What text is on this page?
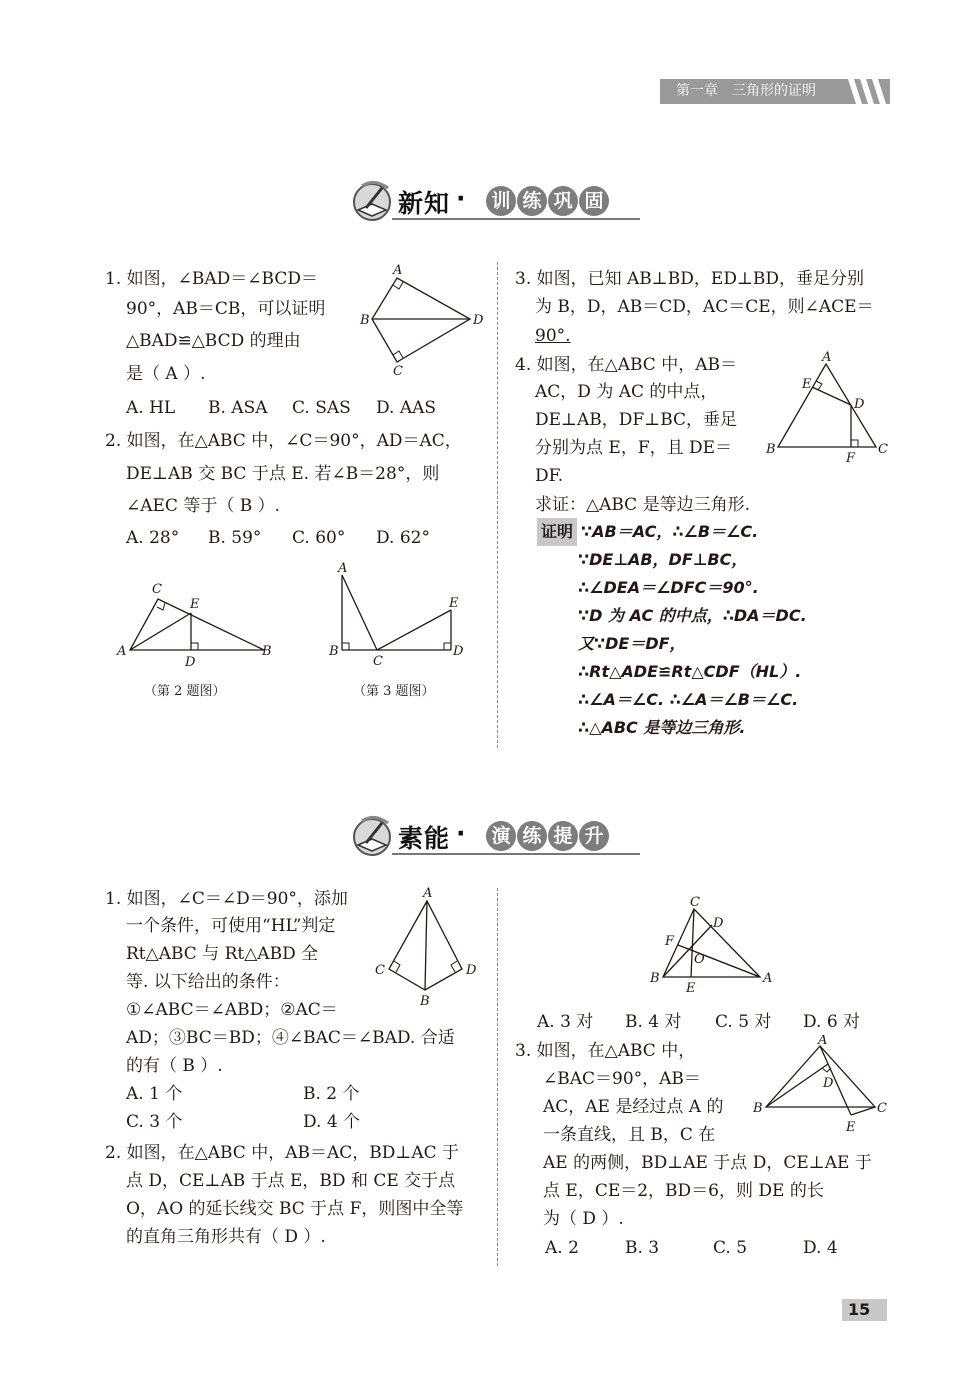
第一章　三角形的证明
新知 · 训 练 巩 固
1. 如图，∠BAD＝∠BCD＝
90°，AB＝CB，可以证明
△BAD≌△BCD 的理由
是（ A ）.
A. HL B. ASA C. SAS D. AAS
A
B
C
D
2. 如图，在△ABC 中，∠C＝90°，AD＝AC，
DE⊥AB 交 BC 于点 E. 若∠B＝28°，则
∠AEC 等于（ B ）.
A. 28° B. 59° C. 60° D. 62°
C
E
A
D
B
（第 2 题图）
A
E
B
C
D
（第 3 题图）
3. 如图，已知 AB⊥BD，ED⊥BD，垂足分别
为 B，D，AB＝CD，AC＝CE，则∠ACE＝
90°.
4. 如图，在△ABC 中，AB＝
AC，D 为 AC 的中点，
DE⊥AB，DF⊥BC，垂足
分别为点 E，F，且 DE＝
DF.
求证：△ABC 是等边三角形.
A
E
D
B
F
C
证明 ∵AB＝AC，∴∠B＝∠C.
∵DE⊥AB，DF⊥BC，
∴∠DEA＝∠DFC＝90°.
∵D 为 AC 的中点，∴DA＝DC.
又∵DE＝DF，
∴Rt△ADE≌Rt△CDF（HL）.
∴∠A＝∠C. ∴∠A＝∠B＝∠C.
∴△ABC 是等边三角形.
素能 · 演 练 提 升
1. 如图，∠C＝∠D＝90°，添加
一个条件，可使用“HL”判定
Rt△ABC 与 Rt△ABD 全
等. 以下给出的条件：
①∠ABC＝∠ABD；②AC＝
AD；③BC＝BD；④∠BAC＝∠BAD. 合适
的有（ B ）.
A. 1 个	B. 2 个
C. 3 个	D. 4 个
A
C	D
B
2. 如图，在△ABC 中，AB＝AC，BD⊥AC 于
点 D，CE⊥AB 于点 E，BD 和 CE 交于点
O，AO 的延长线交 BC 于点 F，则图中全等
的直角三角形共有（ D ）.
C
D
F
O
B
E
A
A. 3 对 B. 4 对 C. 5 对 D. 6 对
3. 如图，在△ABC 中，
∠BAC＝90°，AB＝
AC，AE 是经过点 A 的
一条直线，且 B，C 在
AE 的两侧，BD⊥AE 于点 D，CE⊥AE 于
点 E，CE＝2，BD＝6，则 DE 的长
为（ D ）.
A. 2	B. 3	C. 5	D. 4
A
D
B	C
E
15
